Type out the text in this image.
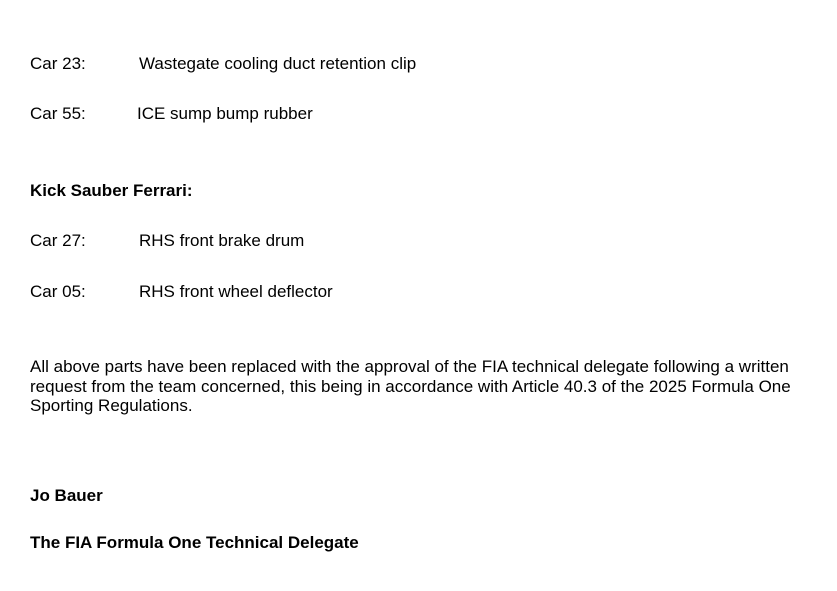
Car 23:	Wastegate cooling duct retention clip
Car 55:	ICE sump bump rubber
Kick Sauber Ferrari:
Car 27:	RHS front brake drum
Car 05:	RHS front wheel deflector
All above parts have been replaced with the approval of the FIA technical delegate following a written request from the team concerned, this being in accordance with Article 40.3 of the 2025 Formula One Sporting Regulations.
Jo Bauer
The FIA Formula One Technical Delegate
